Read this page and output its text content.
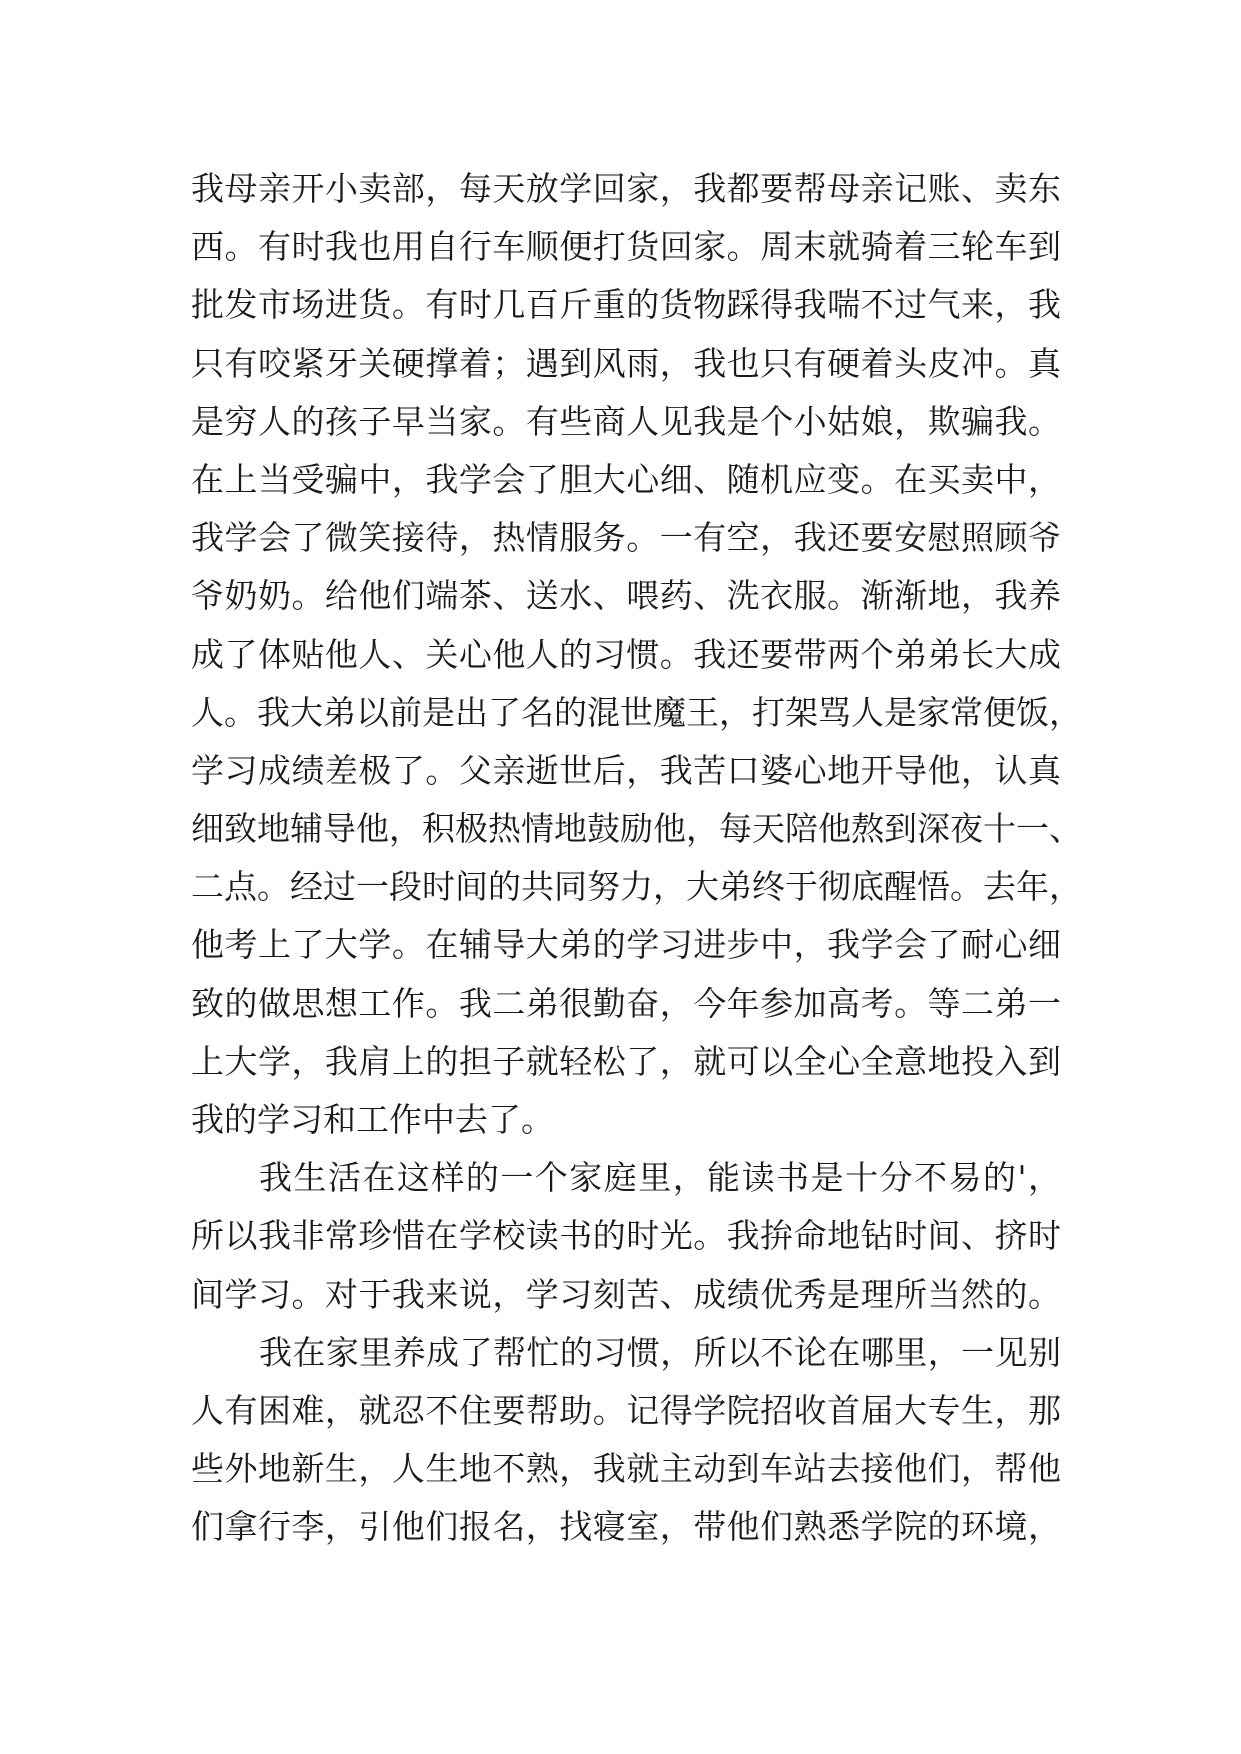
我母亲开小卖部，每天放学回家，我都要帮母亲记账、卖东
西。有时我也用自行车顺便打货回家。周末就骑着三轮车到
批发市场进货。有时几百斤重的货物踩得我喘不过气来，我
只有咬紧牙关硬撑着；遇到风雨，我也只有硬着头皮冲。真
是穷人的孩子早当家。有些商人见我是个小姑娘，欺骗我。
在上当受骗中，我学会了胆大心细、随机应变。在买卖中，
我学会了微笑接待，热情服务。一有空，我还要安慰照顾爷
爷奶奶。给他们端茶、送水、喂药、洗衣服。渐渐地，我养
成了体贴他人、关心他人的习惯。我还要带两个弟弟长大成
人。我大弟以前是出了名的混世魔王，打架骂人是家常便饭，
学习成绩差极了。父亲逝世后，我苦口婆心地开导他，认真
细致地辅导他，积极热情地鼓励他，每天陪他熬到深夜十一、
二点。经过一段时间的共同努力，大弟终于彻底醒悟。去年，
他考上了大学。在辅导大弟的学习进步中，我学会了耐心细
致的做思想工作。我二弟很勤奋，今年参加高考。等二弟一
上大学，我肩上的担子就轻松了，就可以全心全意地投入到
我的学习和工作中去了。
我生活在这样的一个家庭里，能读书是十分不易的'，
所以我非常珍惜在学校读书的时光。我拚命地钻时间、挤时
间学习。对于我来说，学习刻苦、成绩优秀是理所当然的。
我在家里养成了帮忙的习惯，所以不论在哪里，一见别
人有困难，就忍不住要帮助。记得学院招收首届大专生，那
些外地新生，人生地不熟，我就主动到车站去接他们，帮他
们拿行李，引他们报名，找寝室，带他们熟悉学院的环境，
